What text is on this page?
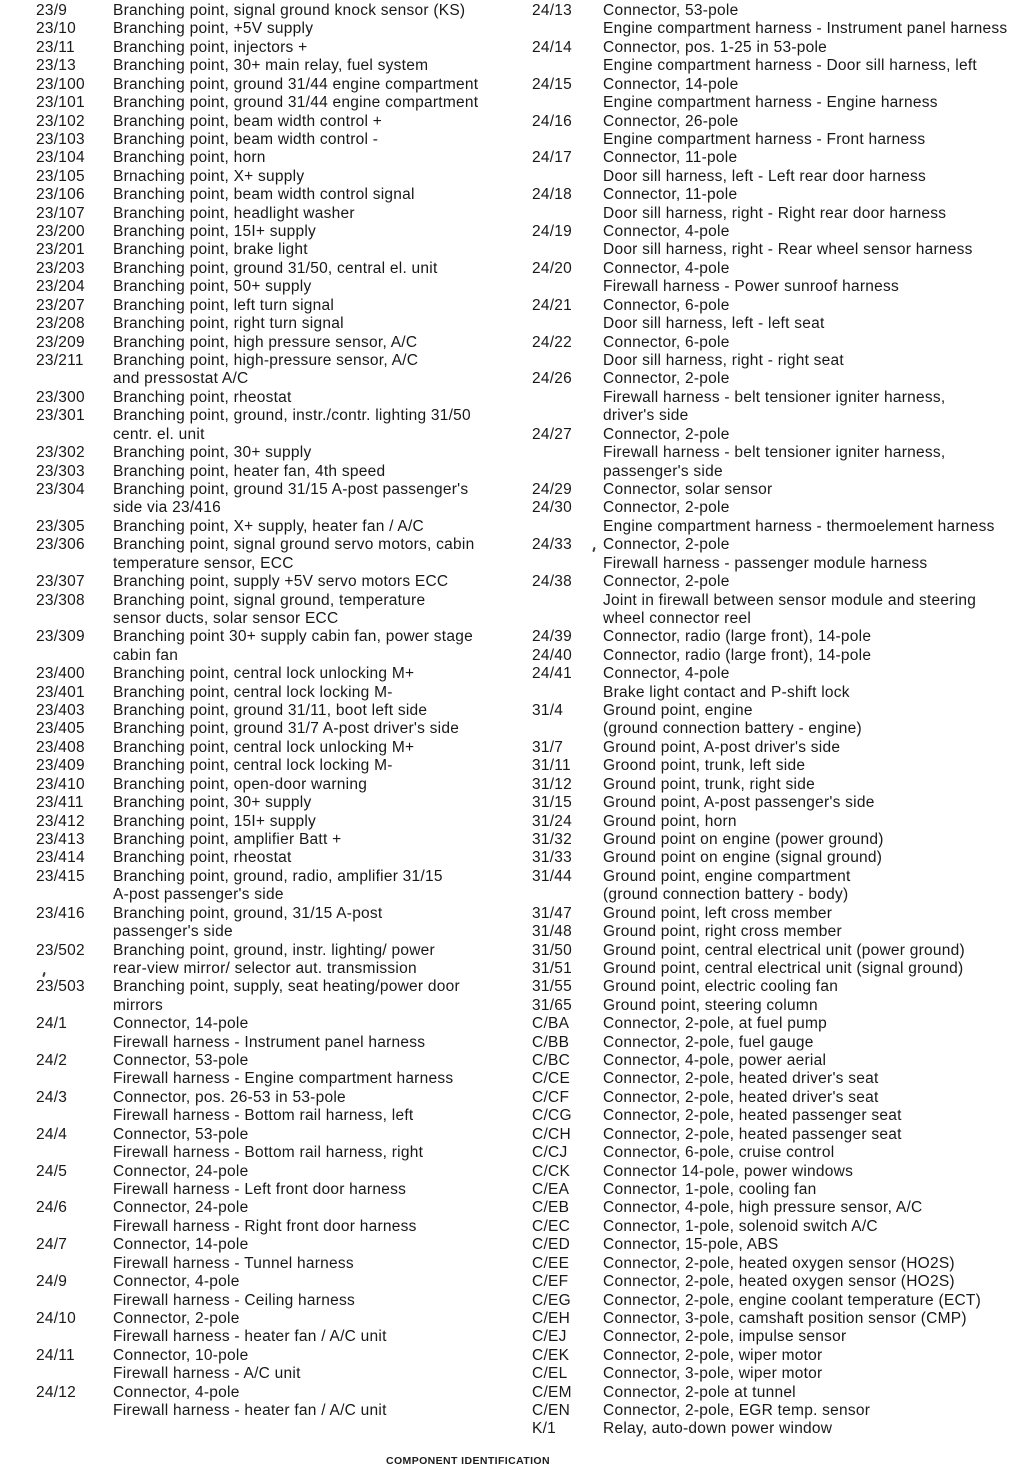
23/9	Branching point, signal ground knock sensor (KS)
23/10	Branching point, +5V supply
23/11	Branching point, injectors +
23/13	Branching point, 30+ main relay, fuel system
23/100	Branching point, ground 31/44 engine compartment
23/101	Branching point, ground 31/44 engine compartment
23/102	Branching point, beam width control +
23/103	Branching point, beam width control -
23/104	Branching point, horn
23/105	Brnaching point, X+ supply
23/106	Branching point, beam width control signal
23/107	Branching point, headlight washer
23/200	Branching point, 15I+ supply
23/201	Branching point, brake light
23/203	Branching point, ground 31/50, central el. unit
23/204	Branching point, 50+ supply
23/207	Branching point, left turn signal
23/208	Branching point, right turn signal
23/209	Branching point, high pressure sensor, A/C
23/211	Branching point, high-pressure sensor, A/C
and pressostat A/C
23/300	Branching point, rheostat
23/301	Branching point, ground, instr./contr. lighting 31/50
centr. el. unit
23/302	Branching point, 30+ supply
23/303	Branching point, heater fan, 4th speed
23/304	Branching point, ground 31/15 A-post passenger's
side via 23/416
23/305	Branching point, X+ supply, heater fan / A/C
23/306	Branching point, signal ground servo motors, cabin
temperature sensor, ECC
23/307	Branching point, supply +5V servo motors ECC
23/308	Branching point, signal ground, temperature
sensor ducts, solar sensor ECC
23/309	Branching point 30+ supply cabin fan, power stage
cabin fan
23/400	Branching point, central lock unlocking M+
23/401	Branching point, central lock locking M-
23/403	Branching point, ground 31/11, boot left side
23/405	Branching point, ground 31/7 A-post driver's side
23/408	Branching point, central lock unlocking M+
23/409	Branching point, central lock locking M-
23/410	Branching point, open-door warning
23/411	Branching point, 30+ supply
23/412	Branching point, 15I+ supply
23/413	Branching point, amplifier Batt +
23/414	Branching point, rheostat
23/415	Branching point, ground, radio, amplifier 31/15
A-post passenger's side
23/416	Branching point, ground, 31/15 A-post
passenger's side
23/502	Branching point, ground, instr. lighting/ power
rear-view mirror/ selector aut. transmission
23/503	Branching point, supply, seat heating/power door
mirrors
24/1	Connector, 14-pole
Firewall harness - Instrument panel harness
24/2	Connector, 53-pole
Firewall harness - Engine compartment harness
24/3	Connector, pos. 26-53 in 53-pole
Firewall harness - Bottom rail harness, left
24/4	Connector, 53-pole
Firewall harness - Bottom rail harness, right
24/5	Connector, 24-pole
Firewall harness - Left front door harness
24/6	Connector, 24-pole
Firewall harness - Right front door harness
24/7	Connector, 14-pole
Firewall harness - Tunnel harness
24/9	Connector, 4-pole
Firewall harness - Ceiling harness
24/10	Connector, 2-pole
Firewall harness - heater fan / A/C unit
24/11	Connector, 10-pole
Firewall harness - A/C unit
24/12	Connector, 4-pole
Firewall harness - heater fan / A/C unit
24/13	Connector, 53-pole
Engine compartment harness - Instrument panel harness
24/14	Connector, pos. 1-25 in 53-pole
Engine compartment harness - Door sill harness, left
24/15	Connector, 14-pole
Engine compartment harness - Engine harness
24/16	Connector, 26-pole
Engine compartment harness - Front harness
24/17	Connector, 11-pole
Door sill harness, left - Left rear door harness
24/18	Connector, 11-pole
Door sill harness, right - Right rear door harness
24/19	Connector, 4-pole
Door sill harness, right - Rear wheel sensor harness
24/20	Connector, 4-pole
Firewall harness - Power sunroof harness
24/21	Connector, 6-pole
Door sill harness, left - left seat
24/22	Connector, 6-pole
Door sill harness, right - right seat
24/26	Connector, 2-pole
Firewall harness - belt tensioner igniter harness,
driver's side
24/27	Connector, 2-pole
Firewall harness - belt tensioner igniter harness,
passenger's side
24/29	Connector, solar sensor
24/30	Connector, 2-pole
Engine compartment harness - thermoelement harness
24/33	Connector, 2-pole
Firewall harness - passenger module harness
24/38	Connector, 2-pole
Joint in firewall between sensor module and steering
wheel connector reel
24/39	Connector, radio (large front), 14-pole
24/40	Connector, radio (large front), 14-pole
24/41	Connector, 4-pole
Brake light contact and P-shift lock
31/4	Ground point, engine
(ground connection battery - engine)
31/7	Ground point, A-post driver's side
31/11	Groond point, trunk, left side
31/12	Ground point, trunk, right side
31/15	Ground point, A-post passenger's side
31/24	Ground point, horn
31/32	Ground point on engine (power ground)
31/33	Ground point on engine (signal ground)
31/44	Ground point, engine compartment
(ground connection battery - body)
31/47	Ground point, left cross member
31/48	Ground point, right cross member
31/50	Ground point, central electrical unit (power ground)
31/51	Ground point, central electrical unit (signal ground)
31/55	Ground point, electric cooling fan
31/65	Ground point, steering column
C/BA	Connector, 2-pole, at fuel pump
C/BB	Connector, 2-pole, fuel gauge
C/BC	Connector, 4-pole, power aerial
C/CE	Connector, 2-pole, heated driver's seat
C/CF	Connector, 2-pole, heated driver's seat
C/CG	Connector, 2-pole, heated passenger seat
C/CH	Connector, 2-pole, heated passenger seat
C/CJ	Connector, 6-pole, cruise control
C/CK	Connector 14-pole, power windows
C/EA	Connector, 1-pole, cooling fan
C/EB	Connector, 4-pole, high pressure sensor, A/C
C/EC	Connector, 1-pole, solenoid switch A/C
C/ED	Connector, 15-pole, ABS
C/EE	Connector, 2-pole, heated oxygen sensor (HO2S)
C/EF	Connector, 2-pole, heated oxygen sensor (HO2S)
C/EG	Connector, 2-pole, engine coolant temperature (ECT)
C/EH	Connector, 3-pole, camshaft position sensor (CMP)
C/EJ	Connector, 2-pole, impulse sensor
C/EK	Connector, 2-pole, wiper motor
C/EL	Connector, 3-pole, wiper motor
C/EM	Connector, 2-pole at tunnel
C/EN	Connector, 2-pole, EGR temp. sensor
K/1	Relay, auto-down power window
COMPONENT IDENTIFICATION
